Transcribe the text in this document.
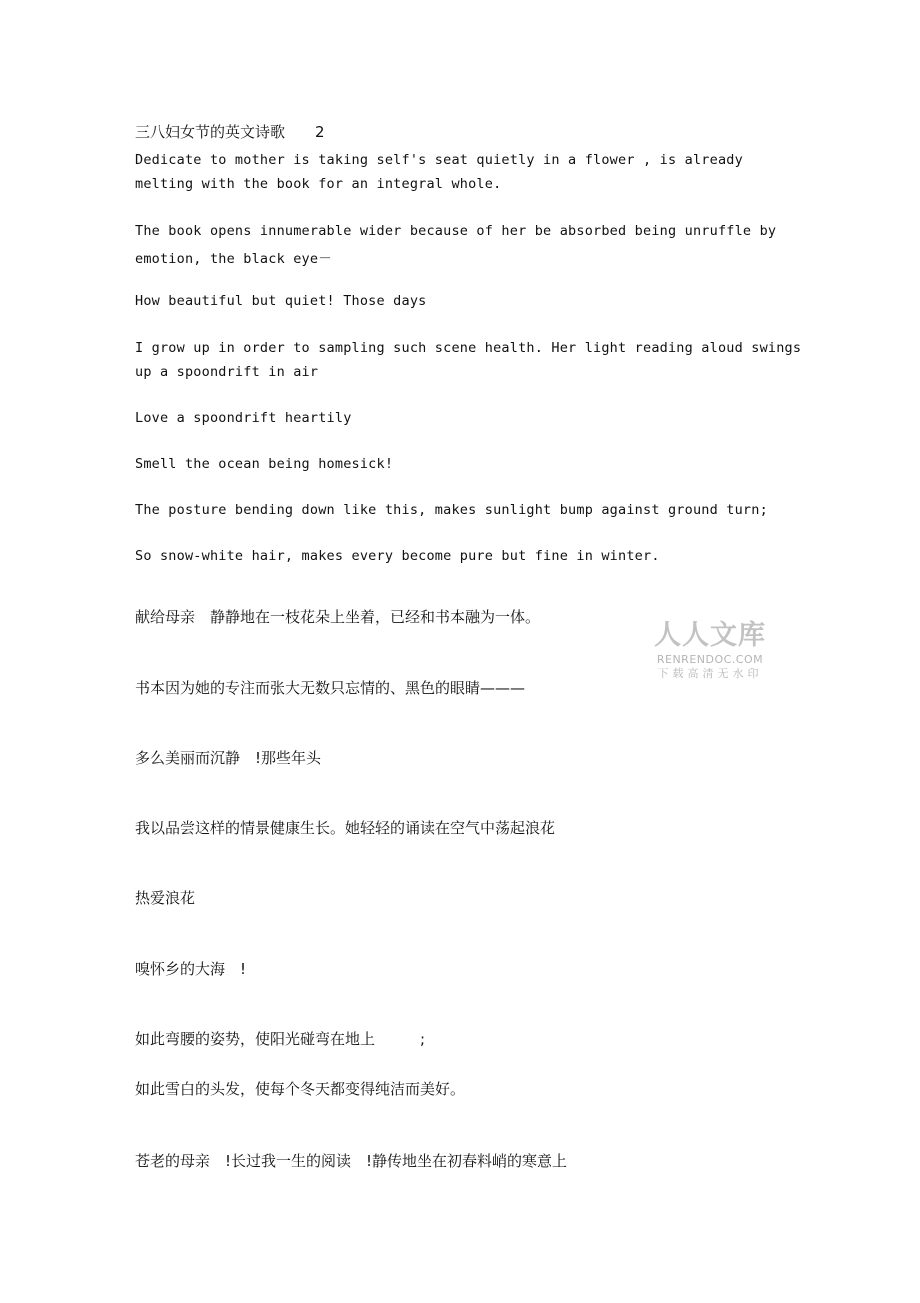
三八妇女节的英文诗歌　　2
Dedicate to mother is taking self's seat quietly in a flower , is already
melting with the book for an integral whole.
The book opens innumerable wider because of her be absorbed being unruffle by
emotion, the black eye－
How beautiful but quiet! Those days
I grow up in order to sampling such scene health. Her light reading aloud swings
up a spoondrift in air
Love a spoondrift heartily
Smell the ocean being homesick!
The posture bending down like this, makes sunlight bump against ground turn;
So snow-white hair, makes every become pure but fine in winter.
献给母亲　静静地在一枝花朵上坐着，已经和书本融为一体。
书本因为她的专注而张大无数只忘情的、黑色的眼睛———
多么美丽而沉静　!那些年头
我以品尝这样的情景健康生长。她轻轻的诵读在空气中荡起浪花
热爱浪花
嗅怀乡的大海　!
如此弯腰的姿势，使阳光碰弯在地上　　　;
如此雪白的头发，使每个冬天都变得纯洁而美好。
苍老的母亲　!长过我一生的阅读　!静传地坐在初春料峭的寒意上
人人文库
RENRENDOC.COM
下载高清无水印
